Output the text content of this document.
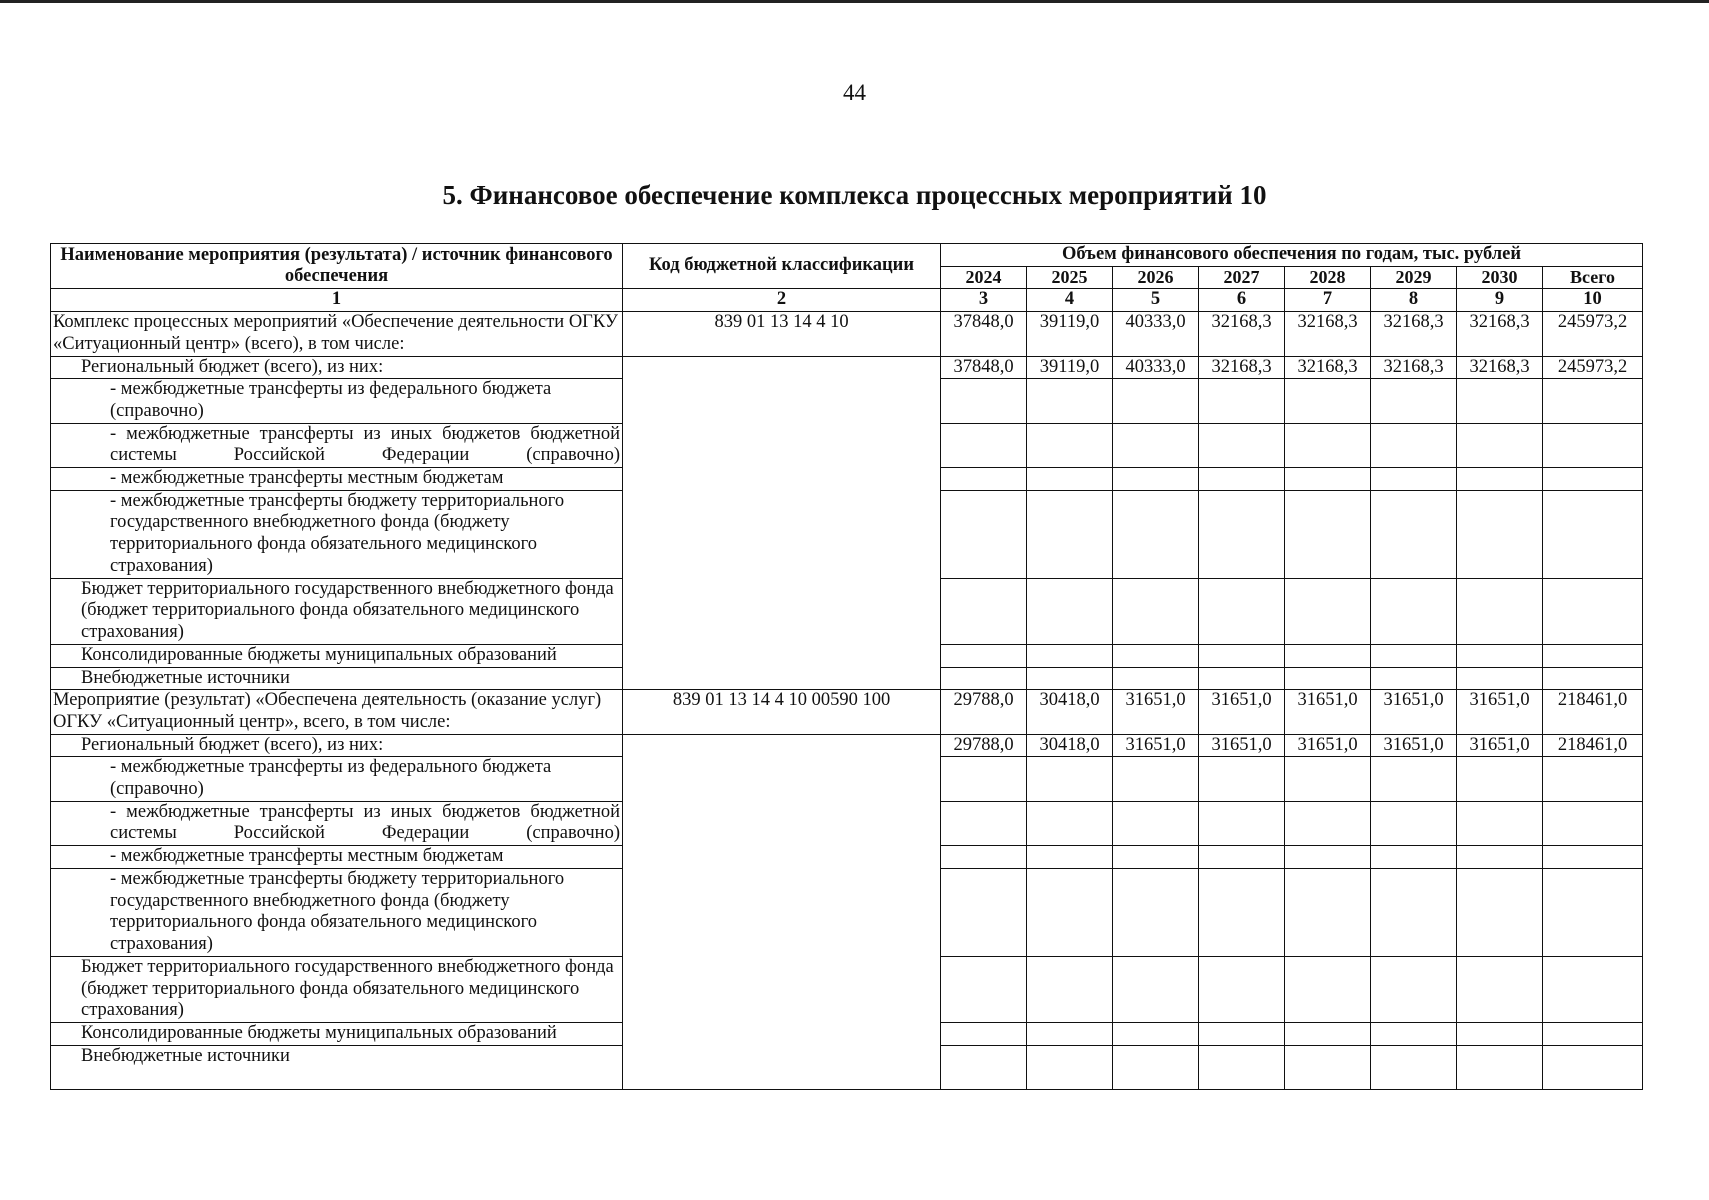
44
5. Финансовое обеспечение комплекса процессных мероприятий 10
Наименование мероприятия (результата) / источник финансового обеспечения	Код бюджетной классификации	Объем финансового обеспечения по годам, тыс. рублей							
		2024	2025	2026	2027	2028	2029	2030	Всего
1	2	3	4	5	6	7	8	9	10
Комплекс процессных мероприятий «Обеспечение деятельности ОГКУ «Ситуационный центр» (всего), в том числе:	839 01 13 14 4 10	37848,0	39119,0	40333,0	32168,3	32168,3	32168,3	32168,3	245973,2
Региональный бюджет (всего), из них:		37848,0	39119,0	40333,0	32168,3	32168,3	32168,3	32168,3	245973,2
- межбюджетные трансферты из федерального бюджета (справочно)									
- межбюджетные трансферты из иных бюджетов бюджетной системы Российской Федерации (справочно)									
- межбюджетные трансферты местным бюджетам									
- межбюджетные трансферты бюджету территориального государственного внебюджетного фонда (бюджету территориального фонда обязательного медицинского страхования)									
Бюджет территориального государственного внебюджетного фонда (бюджет территориального фонда обязательного медицинского страхования)									
Консолидированные бюджеты муниципальных образований									
Внебюджетные источники									
Мероприятие (результат) «Обеспечена деятельность (оказание услуг) ОГКУ «Ситуационный центр», всего, в том числе:	839 01 13 14 4 10 00590 100	29788,0	30418,0	31651,0	31651,0	31651,0	31651,0	31651,0	218461,0
Региональный бюджет (всего), из них:		29788,0	30418,0	31651,0	31651,0	31651,0	31651,0	31651,0	218461,0
- межбюджетные трансферты из федерального бюджета (справочно)									
- межбюджетные трансферты из иных бюджетов бюджетной системы Российской Федерации (справочно)									
- межбюджетные трансферты местным бюджетам									
- межбюджетные трансферты бюджету территориального государственного внебюджетного фонда (бюджету территориального фонда обязательного медицинского страхования)									
Бюджет территориального государственного внебюджетного фонда (бюджет территориального фонда обязательного медицинского страхования)									
Консолидированные бюджеты муниципальных образований									
Внебюджетные источники									
